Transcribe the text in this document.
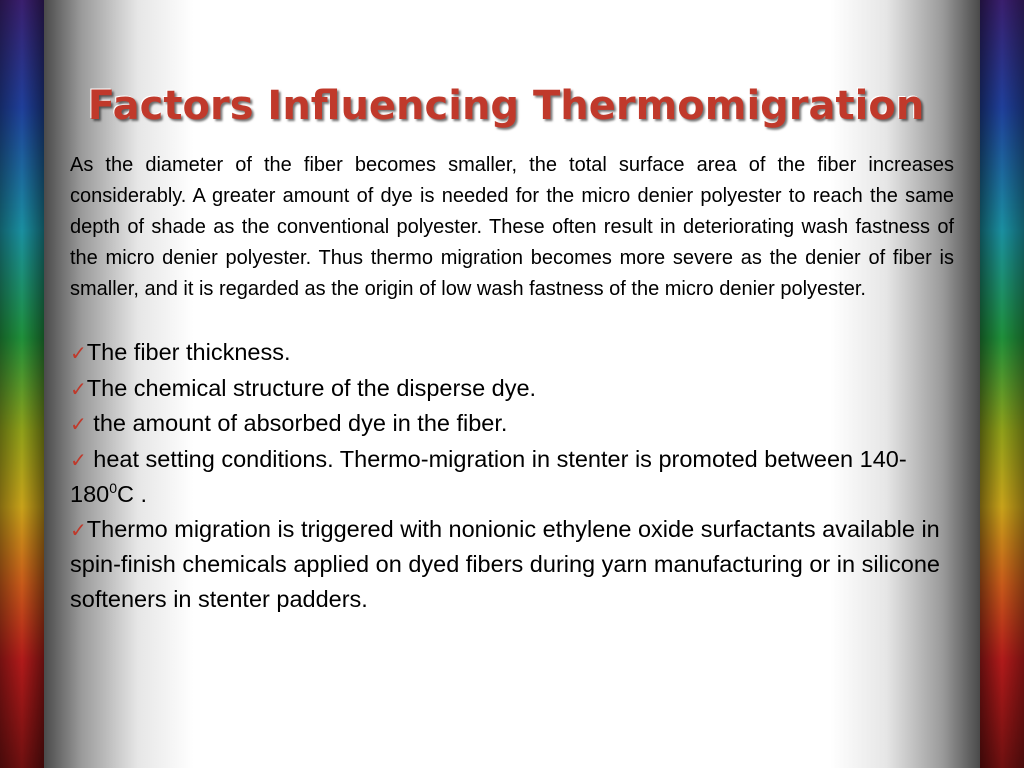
Factors Influencing Thermomigration

As the diameter of the fiber becomes smaller, the total surface area of the fiber increases considerably. A greater amount of dye is needed for the micro denier polyester to reach the same depth of shade as the conventional polyester. These often result in deteriorating wash fastness of the micro denier polyester. Thus thermo migration becomes more severe as the denier of fiber is smaller, and it is regarded as the origin of low wash fastness of the micro denier polyester.

✓The fiber thickness.
✓The chemical structure of the disperse dye.
✓ the amount of absorbed dye in the fiber.
✓ heat setting conditions. Thermo-migration in stenter is promoted between 140- $180^0C$ .
✓Thermo migration is triggered with nonionic ethylene oxide surfactants available in spin-finish chemicals applied on dyed fibers during yarn manufacturing or in silicone softeners in stenter padders.
